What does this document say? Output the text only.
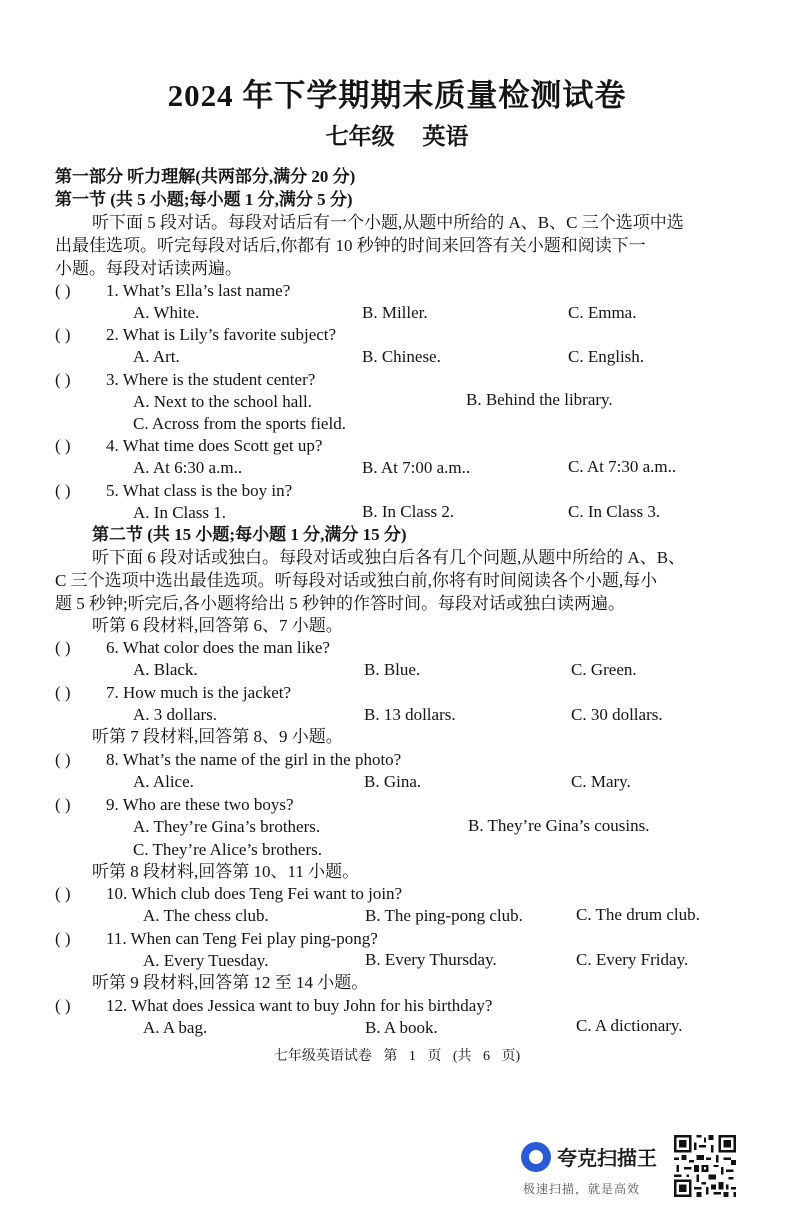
2024 年下学期期末质量检测试卷
七年级 英语
第一部分 听力理解(共两部分,满分 20 分)
第一节 (共 5 小题;每小题 1 分,满分 5 分)
听下面 5 段对话。每段对话后有一个小题,从题中所给的 A、B、C 三个选项中选
出最佳选项。听完每段对话后,你都有 10 秒钟的时间来回答有关小题和阅读下一
小题。每段对话读两遍。
( ) 1. What’s Ella’s last name?
A. White.	B. Miller.	C. Emma.
( ) 2. What is Lily’s favorite subject?
A. Art.	B. Chinese.	C. English.
( ) 3. Where is the student center?
A. Next to the school hall.	B. Behind the library.
C. Across from the sports field.
( ) 4. What time does Scott get up?
A. At 6:30 a.m..	B. At 7:00 a.m..	C. At 7:30 a.m..
( ) 5. What class is the boy in?
A. In Class 1.	B. In Class 2.	C. In Class 3.
第二节 (共 15 小题;每小题 1 分,满分 15 分)
听下面 6 段对话或独白。每段对话或独白后各有几个问题,从题中所给的 A、B、
C 三个选项中选出最佳选项。听每段对话或独白前,你将有时间阅读各个小题,每小
题 5 秒钟;听完后,各小题将给出 5 秒钟的作答时间。每段对话或独白读两遍。
听第 6 段材料,回答第 6、7 小题。
( ) 6. What color does the man like?
A. Black.	B. Blue.	C. Green.
( ) 7. How much is the jacket?
A. 3 dollars.	B. 13 dollars.	C. 30 dollars.
听第 7 段材料,回答第 8、9 小题。
( ) 8. What’s the name of the girl in the photo?
A. Alice.	B. Gina.	C. Mary.
( ) 9. Who are these two boys?
A. They’re Gina’s brothers.	B. They’re Gina’s cousins.
C. They’re Alice’s brothers.
听第 8 段材料,回答第 10、11 小题。
( ) 10. Which club does Teng Fei want to join?
A. The chess club.	B. The ping-pong club.	C. The drum club.
( ) 11. When can Teng Fei play ping-pong?
A. Every Tuesday.	B. Every Thursday.	C. Every Friday.
听第 9 段材料,回答第 12 至 14 小题。
( ) 12. What does Jessica want to buy John for his birthday?
A. A bag.	B. A book.	C. A dictionary.
七年级英语试卷 第 1 页 (共 6 页)
夸克扫描王
极速扫描，就是高效
